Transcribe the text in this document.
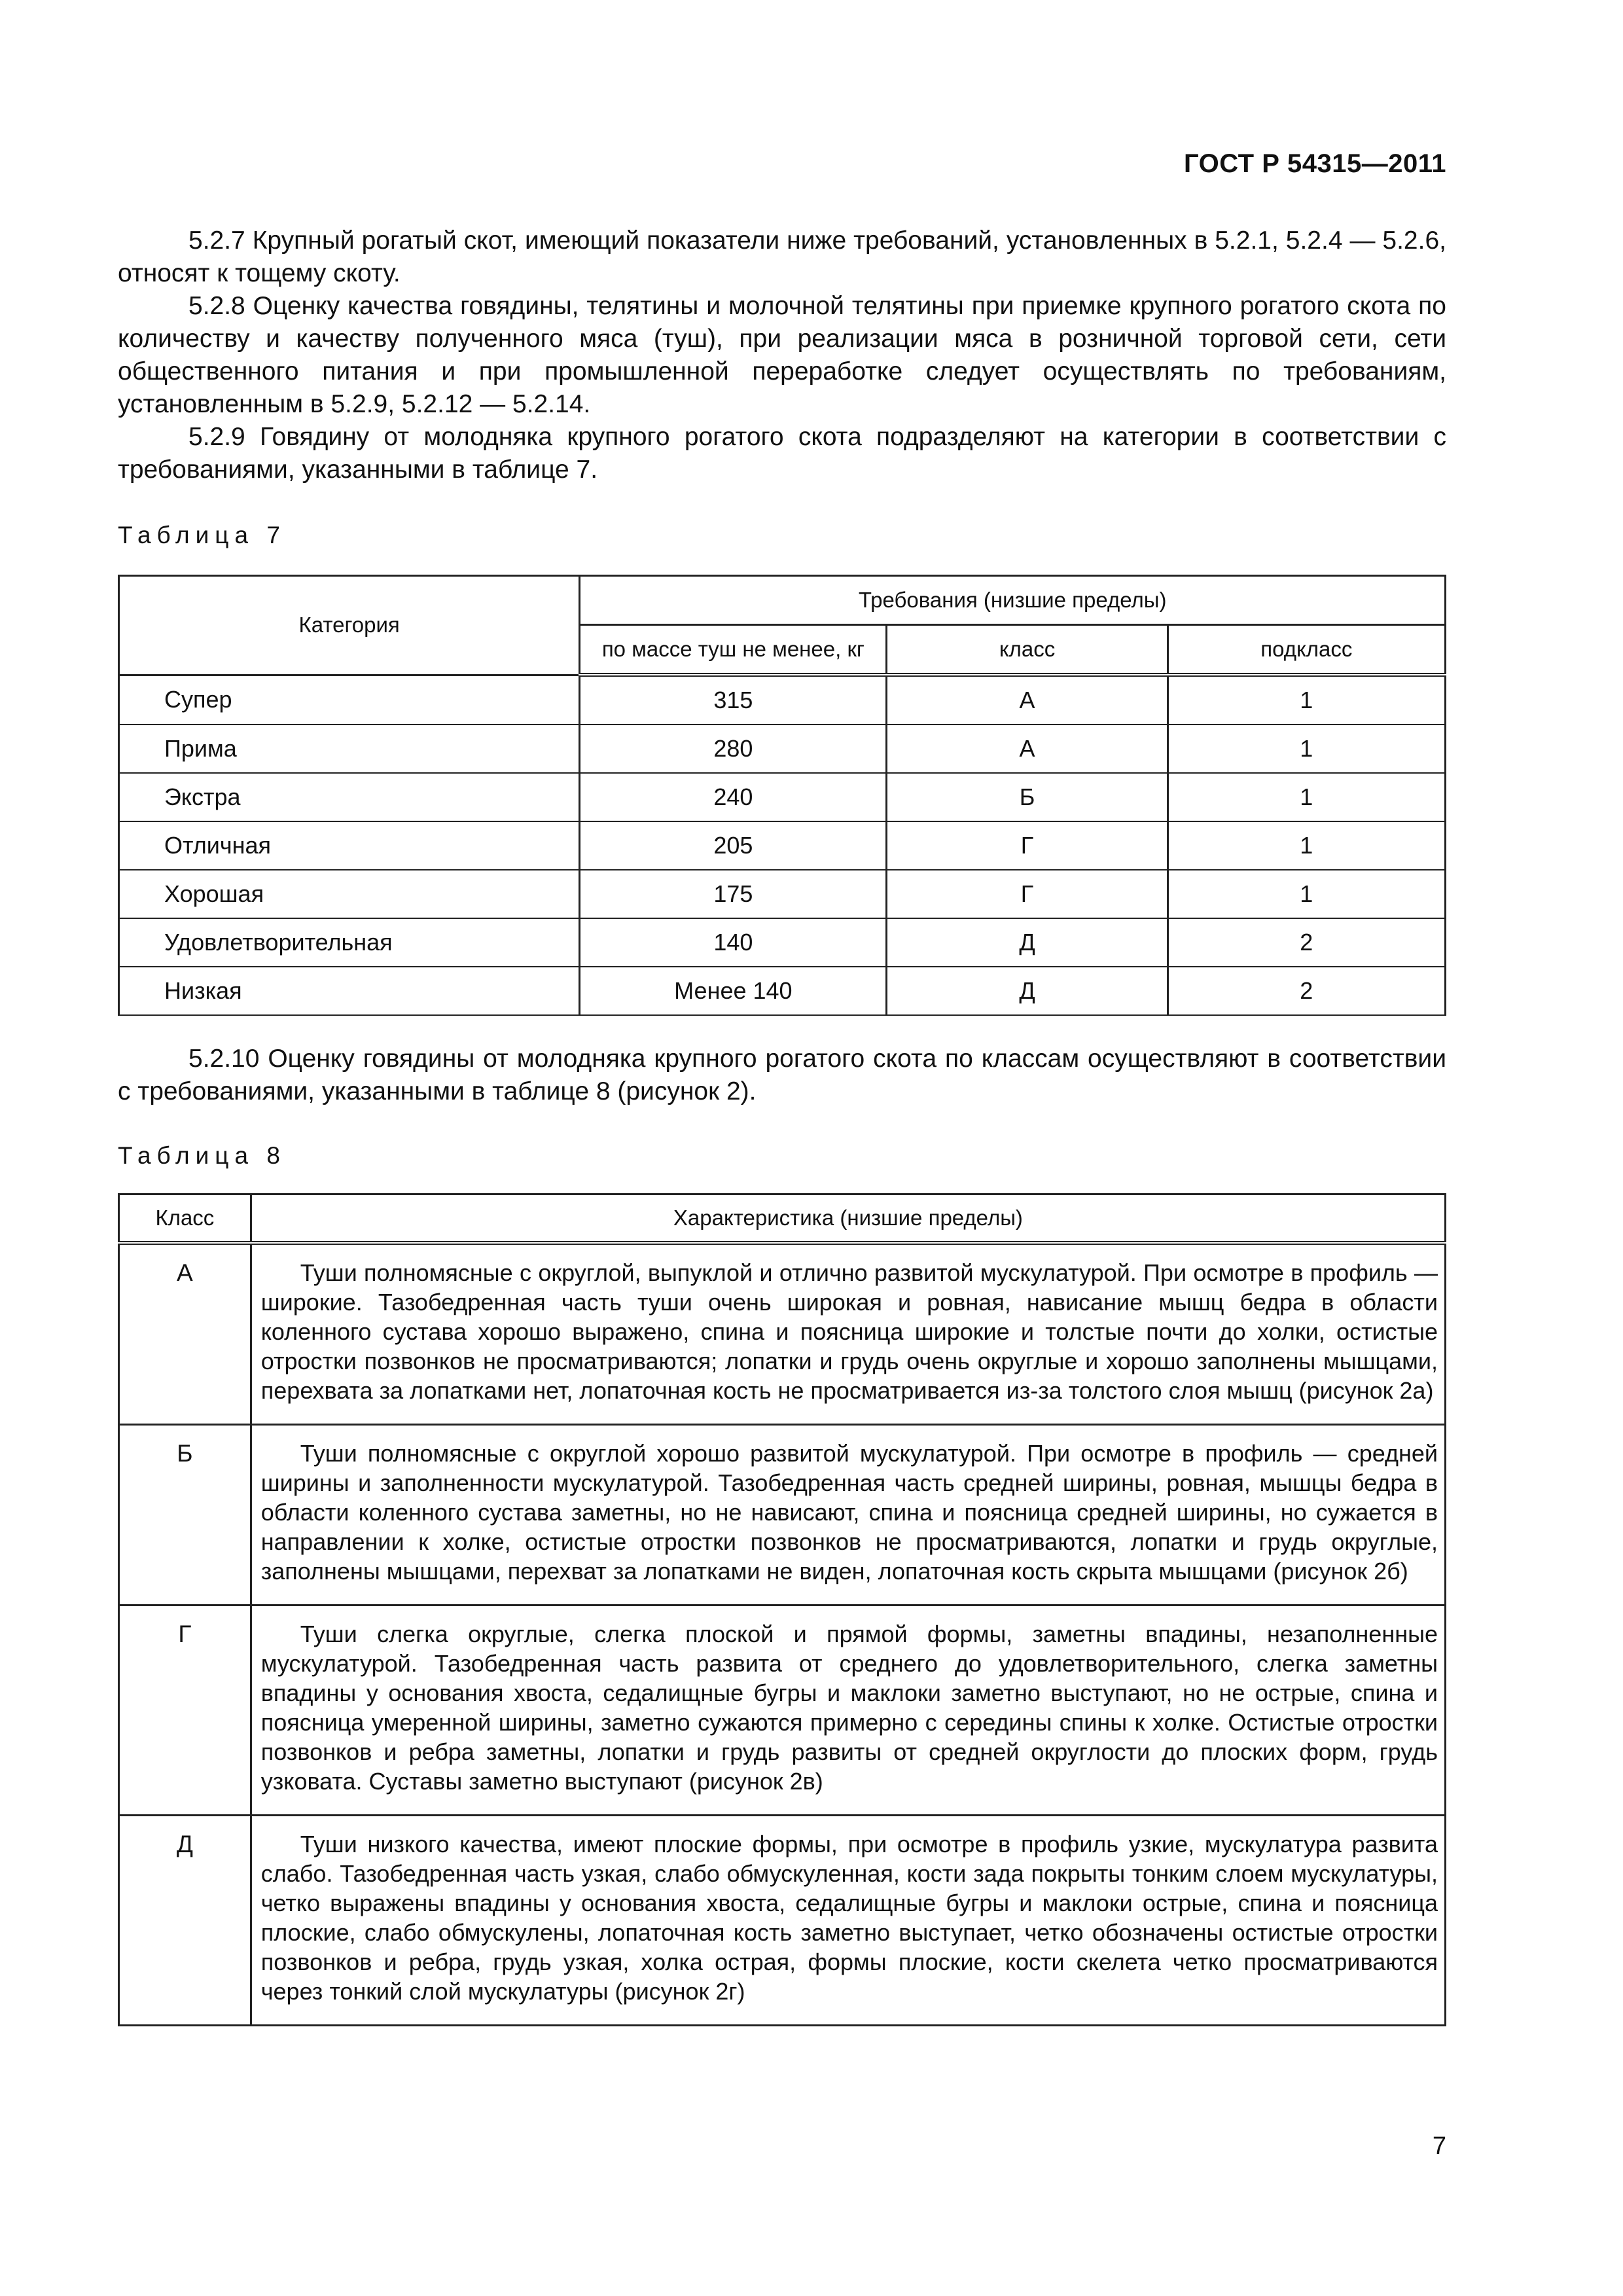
ГОСТ Р 54315—2011

5.2.7 Крупный рогатый скот, имеющий показатели ниже требований, установленных в 5.2.1, 5.2.4 — 5.2.6, относят к тощему скоту.

5.2.8 Оценку качества говядины, телятины и молочной телятины при приемке крупного рогатого скота по количеству и качеству полученного мяса (туш), при реализации мяса в розничной торговой сети, сети общественного питания и при промышленной переработке следует осуществлять по требованиям, установленным в 5.2.9, 5.2.12 — 5.2.14.

5.2.9 Говядину от молодняка крупного рогатого скота подразделяют на категории в соответствии с требованиями, указанными в таблице 7.

Таблица 7
Категория	Требования (низшие пределы)		
	по массе туш не менее, кг	класс	подкласс
Супер	315	А	1
Прима	280	А	1
Экстра	240	Б	1
Отличная	205	Г	1
Хорошая	175	Г	1
Удовлетворительная	140	Д	2
Низкая	Менее 140	Д	2

5.2.10 Оценку говядины от молодняка крупного рогатого скота по классам осуществляют в соответствии с требованиями, указанными в таблице 8 (рисунок 2).

Таблица 8
Класс	Характеристика (низшие пределы)
А	Туши полномясные с округлой, выпуклой и отлично развитой мускулатурой. При осмотре в профиль — широкие. Тазобедренная часть туши очень широкая и ровная, нависание мышц бедра в области коленного сустава хорошо выражено, спина и поясница широкие и толстые почти до холки, остистые отростки позвонков не просматриваются; лопатки и грудь очень округлые и хорошо заполнены мышцами, перехвата за лопатками нет, лопаточная кость не просматривается из-за толстого слоя мышц (рисунок 2а)
Б	Туши полномясные с округлой хорошо развитой мускулатурой. При осмотре в профиль — средней ширины и заполненности мускулатурой. Тазобедренная часть средней ширины, ровная, мышцы бедра в области коленного сустава заметны, но не нависают, спина и поясница средней ширины, но сужается в направлении к холке, остистые отростки позвонков не просматриваются, лопатки и грудь округлые, заполнены мышцами, перехват за лопатками не виден, лопаточная кость скрыта мышцами (рисунок 2б)
Г	Туши слегка округлые, слегка плоской и прямой формы, заметны впадины, незаполненные мускулатурой. Тазобедренная часть развита от среднего до удовлетворительного, слегка заметны впадины у основания хвоста, седалищные бугры и маклоки заметно выступают, но не острые, спина и поясница умеренной ширины, заметно сужаются примерно с середины спины к холке. Остистые отростки позвонков и ребра заметны, лопатки и грудь развиты от средней округлости до плоских форм, грудь узковата. Суставы заметно выступают (рисунок 2в)
Д	Туши низкого качества, имеют плоские формы, при осмотре в профиль узкие, мускулатура развита слабо. Тазобедренная часть узкая, слабо обмускуленная, кости зада покрыты тонким слоем мускулатуры, четко выражены впадины у основания хвоста, седалищные бугры и маклоки острые, спина и поясница плоские, слабо обмускулены, лопаточная кость заметно выступает, четко обозначены остистые отростки позвонков и ребра, грудь узкая, холка острая, формы плоские, кости скелета четко просматриваются через тонкий слой мускулатуры (рисунок 2г)
7
